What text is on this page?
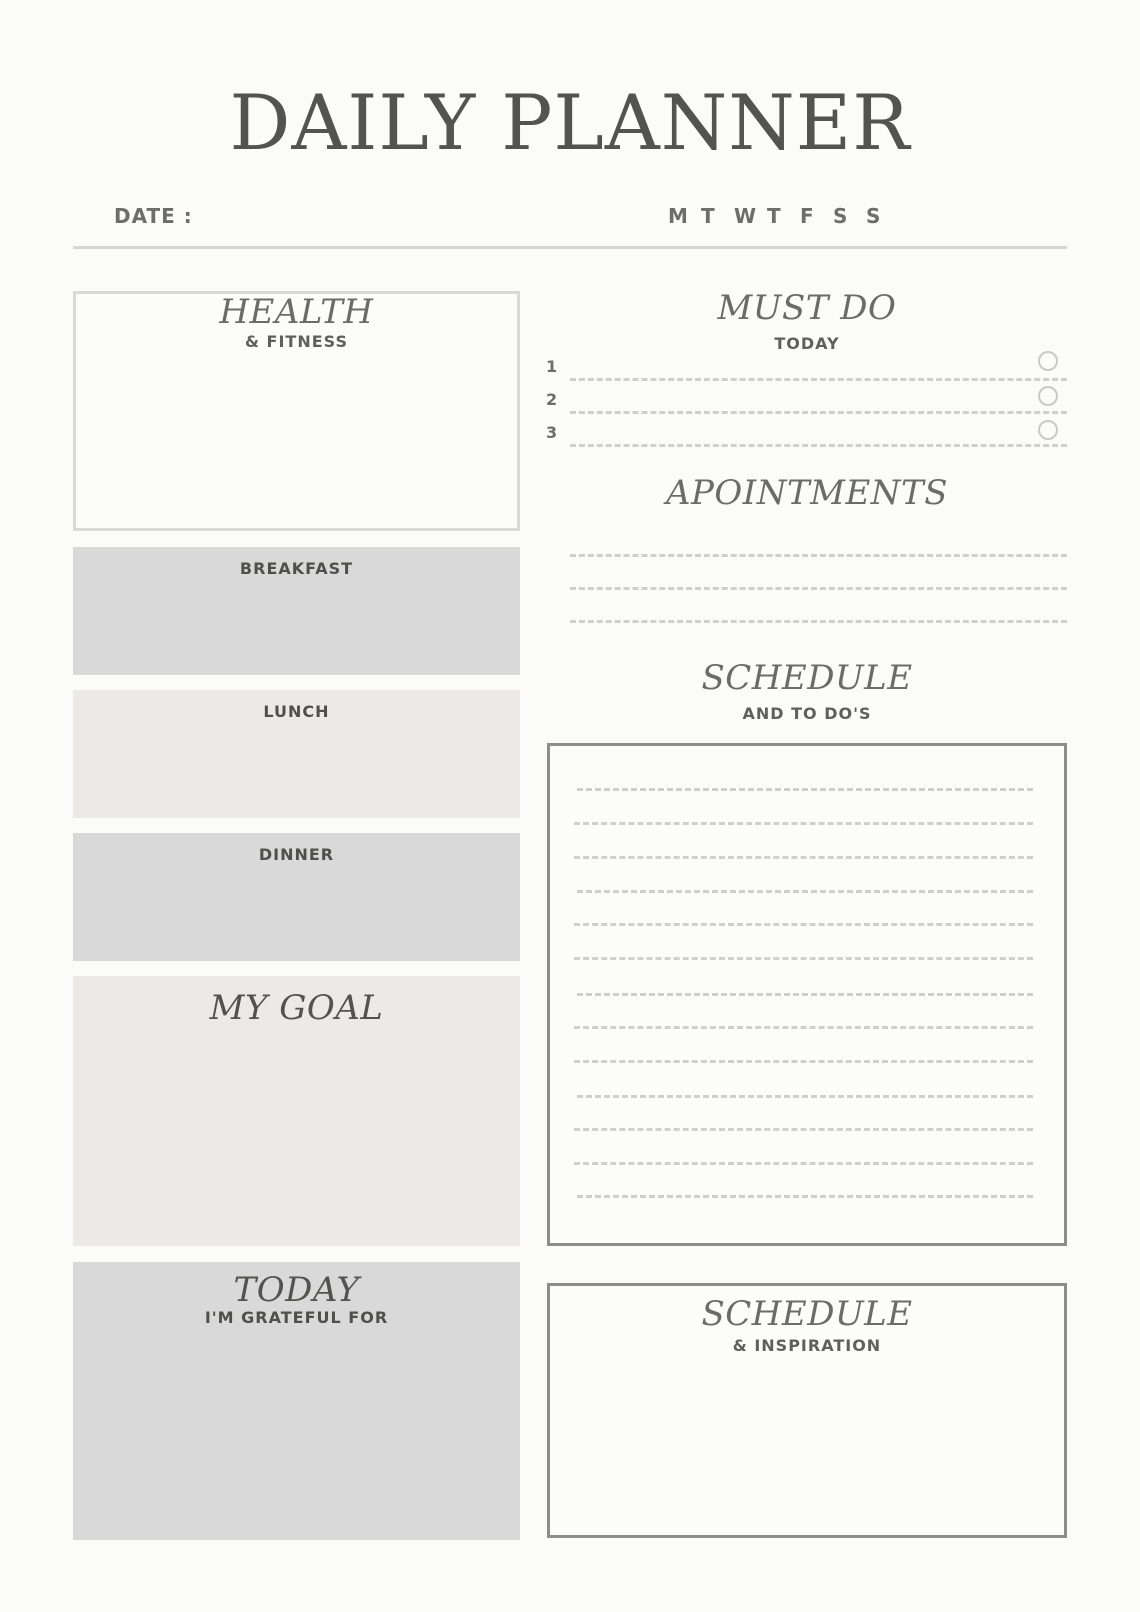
DAILY PLANNER
DATE :	M T W T F S S
HEALTH
& FITNESS
BREAKFAST
LUNCH
DINNER
MY GOAL
TODAY
I'M GRATEFUL FOR
MUST DO
TODAY
1
2
3
APOINTMENTS
SCHEDULE
AND TO DO'S
SCHEDULE
& INSPIRATION
